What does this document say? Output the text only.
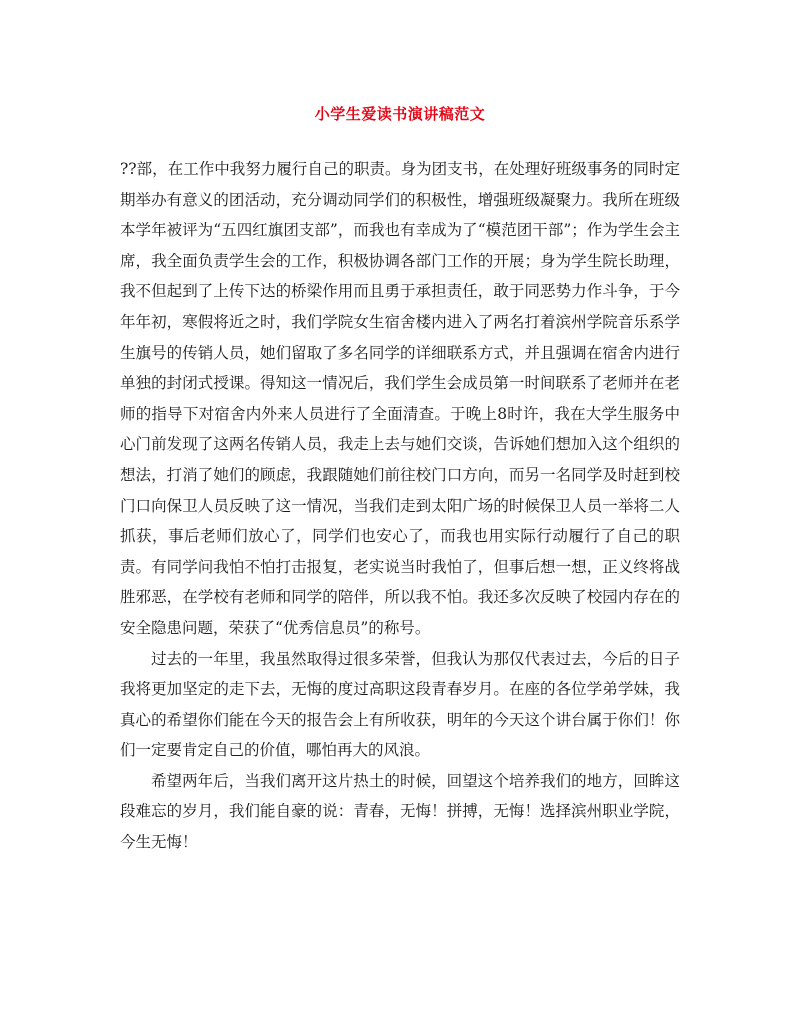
小学生爱读书演讲稿范文

??部，在工作中我努力履行自己的职责。身为团支书，在处理好班级事务的同时定期举办有意义的团活动，充分调动同学们的积极性，增强班级凝聚力。我所在班级本学年被评为“五四红旗团支部”，而我也有幸成为了“模范团干部”；作为学生会主席，我全面负责学生会的工作，积极协调各部门工作的开展；身为学生院长助理，我不但起到了上传下达的桥梁作用而且勇于承担责任，敢于同恶势力作斗争，于今年年初，寒假将近之时，我们学院女生宿舍楼内进入了两名打着滨州学院音乐系学生旗号的传销人员，她们留取了多名同学的详细联系方式，并且强调在宿舍内进行单独的封闭式授课。得知这一情况后，我们学生会成员第一时间联系了老师并在老师的指导下对宿舍内外来人员进行了全面清查。于晚上8时许，我在大学生服务中心门前发现了这两名传销人员，我走上去与她们交谈，告诉她们想加入这个组织的想法，打消了她们的顾虑，我跟随她们前往校门口方向，而另一名同学及时赶到校门口向保卫人员反映了这一情况，当我们走到太阳广场的时候保卫人员一举将二人抓获，事后老师们放心了，同学们也安心了，而我也用实际行动履行了自己的职责。有同学问我怕不怕打击报复，老实说当时我怕了，但事后想一想，正义终将战胜邪恶，在学校有老师和同学的陪伴，所以我不怕。我还多次反映了校园内存在的安全隐患问题，荣获了“优秀信息员”的称号。

过去的一年里，我虽然取得过很多荣誉，但我认为那仅代表过去，今后的日子我将更加坚定的走下去，无悔的度过高职这段青春岁月。在座的各位学弟学妹，我真心的希望你们能在今天的报告会上有所收获，明年的今天这个讲台属于你们！你们一定要肯定自己的价值，哪怕再大的风浪。

希望两年后，当我们离开这片热土的时候，回望这个培养我们的地方，回眸这段难忘的岁月，我们能自豪的说：青春，无悔！拼搏，无悔！选择滨州职业学院，今生无悔！
